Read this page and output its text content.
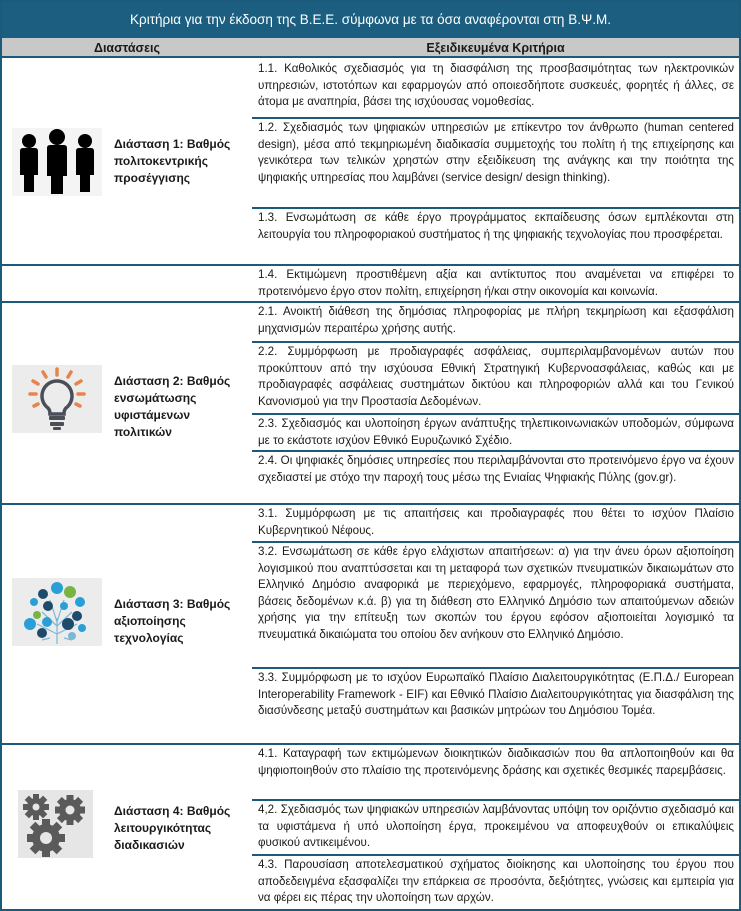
Κριτήρια για την έκδοση της Β.Ε.Ε. σύμφωνα με τα όσα αναφέρονται στη Β.Ψ.Μ.
Διαστάσεις	Εξειδικευμένα Κριτήρια
Διάσταση 1: Βαθμός
πολιτοκεντρικής
προσέγγισης
1.1. Καθολικός σχεδιασμός για τη διασφάλιση της προσβασιμότητας των ηλεκτρονικών υπηρεσιών, ιστοτόπων και εφαρμογών από οποιεσδήποτε συσκευές, φορητές ή άλλες, σε άτομα με αναπηρία, βάσει της ισχύουσας νομοθεσίας.
1.2. Σχεδιασμός των ψηφιακών υπηρεσιών με επίκεντρο τον άνθρωπο (human centered design), μέσα από τεκμηριωμένη διαδικασία συμμετοχής του πολίτη ή της επιχείρησης και γενικότερα των τελικών χρηστών στην εξειδίκευση της ανάγκης και την ποιότητα της ψηφιακής υπηρεσίας που λαμβάνει (service design/ design thinking).
1.3. Ενσωμάτωση σε κάθε έργο προγράμματος εκπαίδευσης όσων εμπλέκονται στη λειτουργία του πληροφοριακού συστήματος ή της ψηφιακής τεχνολογίας που προσφέρεται.
1.4. Εκτιμώμενη προστιθέμενη αξία και αντίκτυπος που αναμένεται να επιφέρει το προτεινόμενο έργο στον πολίτη, επιχείρηση ή/και στην οικονομία και κοινωνία.
Διάσταση 2: Βαθμός
ενσωμάτωσης
υφιστάμενων
πολιτικών
2.1. Ανοικτή διάθεση της δημόσιας πληροφορίας με πλήρη τεκμηρίωση και εξασφάλιση μηχανισμών περαιτέρω χρήσης αυτής.
2.2. Συμμόρφωση με προδιαγραφές ασφάλειας, συμπεριλαμβανομένων αυτών που προκύπτουν από την ισχύουσα Εθνική Στρατηγική Κυβερνοασφάλειας, καθώς και με προδιαγραφές ασφάλειας συστημάτων δικτύου και πληροφοριών αλλά και του Γενικού Κανονισμού για την Προστασία Δεδομένων.
2.3. Σχεδιασμός και υλοποίηση έργων ανάπτυξης τηλεπικοινωνιακών υποδομών, σύμφωνα με το εκάστοτε ισχύον Εθνικό Ευρυζωνικό Σχέδιο.
2.4. Οι ψηφιακές δημόσιες υπηρεσίες που περιλαμβάνονται στο προτεινόμενο έργο να έχουν σχεδιαστεί με στόχο την παροχή τους μέσω της Ενιαίας Ψηφιακής Πύλης (gov.gr).
Διάσταση 3: Βαθμός
αξιοποίησης
τεχνολογίας
3.1. Συμμόρφωση με τις απαιτήσεις και προδιαγραφές που θέτει το ισχύον Πλαίσιο Κυβερνητικού Νέφους.
3.2. Ενσωμάτωση σε κάθε έργο ελάχιστων απαιτήσεων: α) για την άνευ όρων αξιοποίηση λογισμικού που αναπτύσσεται και τη μεταφορά των σχετικών πνευματικών δικαιωμάτων στο Ελληνικό Δημόσιο αναφορικά με περιεχόμενο, εφαρμογές, πληροφοριακά συστήματα, βάσεις δεδομένων κ.ά. β) για τη διάθεση στο Ελληνικό Δημόσιο των απαιτούμενων αδειών χρήσης για την επίτευξη των σκοπών του έργου εφόσον αξιοποιείται λογισμικό τα πνευματικά δικαιώματα του οποίου δεν ανήκουν στο Ελληνικό Δημόσιο.
3.3. Συμμόρφωση με το ισχύον Ευρωπαϊκό Πλαίσιο Διαλειτουργικότητας (Ε.Π.Δ./ European Interoperability Framework - EIF) και Εθνικό Πλαίσιο Διαλειτουργικότητας για διασφάλιση της διασύνδεσης μεταξύ συστημάτων και βασικών μητρώων του Δημόσιου Τομέα.
Διάσταση 4: Βαθμός
λειτουργικότητας
διαδικασιών
4.1. Καταγραφή των εκτιμώμενων διοικητικών διαδικασιών που θα απλοποιηθούν και θα ψηφιοποιηθούν στο πλαίσιο της προτεινόμενης δράσης και σχετικές θεσμικές παρεμβάσεις.
4,2. Σχεδιασμός των ψηφιακών υπηρεσιών λαμβάνοντας υπόψη τον οριζόντιο σχεδιασμό και τα υφιστάμενα ή υπό υλοποίηση έργα, προκειμένου να αποφευχθούν οι επικαλύψεις φυσικού αντικειμένου.
4.3. Παρουσίαση αποτελεσματικού σχήματος διοίκησης και υλοποίησης του έργου που αποδεδειγμένα εξασφαλίζει την επάρκεια σε προσόντα, δεξιότητες, γνώσεις και εμπειρία για να φέρει εις πέρας την υλοποίηση των αρχών.
